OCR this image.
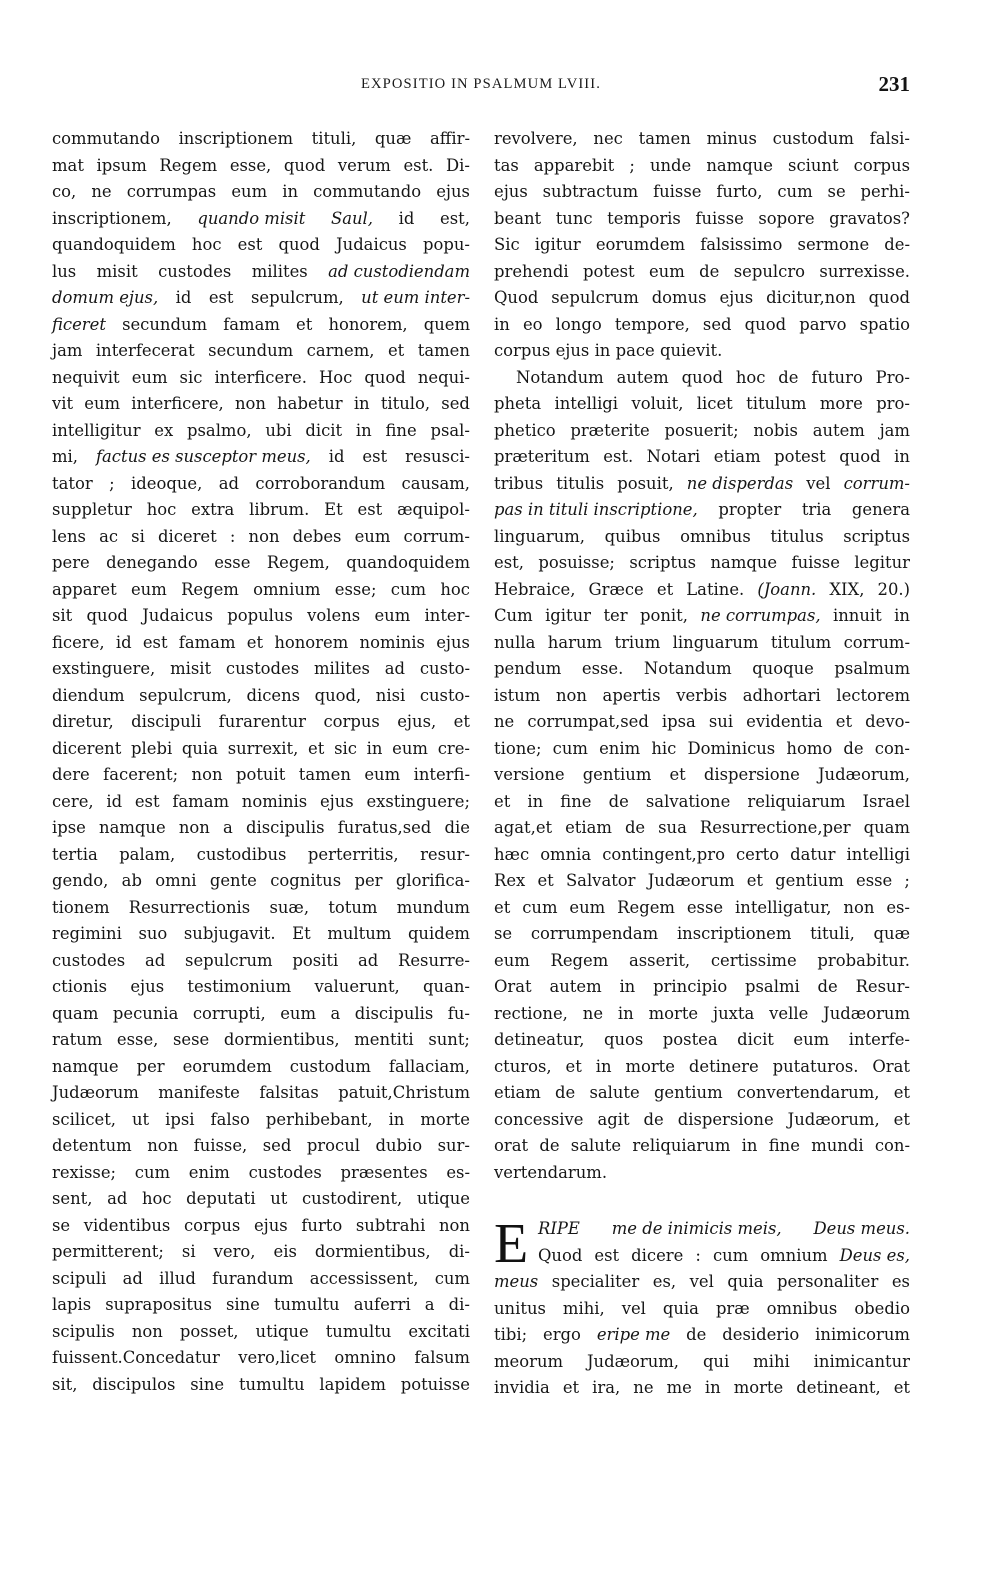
EXPOSITIO IN PSALMUM LVIII.	231
commutando inscriptionem tituli, quæ affir-
mat ipsum Regem esse, quod verum est. Di-
co, ne corrumpas eum in commutando ejus
inscriptionem, quando misit Saul, id est,
quandoquidem hoc est quod Judaicus popu-
lus misit custodes milites ad custodiendam
domum ejus, id est sepulcrum, ut eum inter-
ficeret secundum famam et honorem, quem
jam interfecerat secundum carnem, et tamen
nequivit eum sic interficere. Hoc quod nequi-
vit eum interficere, non habetur in titulo, sed
intelligitur ex psalmo, ubi dicit in fine psal-
mi, factus es susceptor meus, id est resusci-
tator ; ideoque, ad corroborandum causam,
suppletur hoc extra librum. Et est æquipol-
lens ac si diceret : non debes eum corrum-
pere denegando esse Regem, quandoquidem
apparet eum Regem omnium esse; cum hoc
sit quod Judaicus populus volens eum inter-
ficere, id est famam et honorem nominis ejus
exstinguere, misit custodes milites ad custo-
diendum sepulcrum, dicens quod, nisi custo-
diretur, discipuli furarentur corpus ejus, et
dicerent plebi quia surrexit, et sic in eum cre-
dere facerent; non potuit tamen eum interfi-
cere, id est famam nominis ejus exstinguere;
ipse namque non a discipulis furatus,sed die
tertia palam, custodibus perterritis, resur-
gendo, ab omni gente cognitus per glorifica-
tionem Resurrectionis suæ, totum mundum
regimini suo subjugavit. Et multum quidem
custodes ad sepulcrum positi ad Resurre-
ctionis ejus testimonium valuerunt, quan-
quam pecunia corrupti, eum a discipulis fu-
ratum esse, sese dormientibus, mentiti sunt;
namque per eorumdem custodum fallaciam,
Judæorum manifeste falsitas patuit,Christum
scilicet, ut ipsi falso perhibebant, in morte
detentum non fuisse, sed procul dubio sur-
rexisse; cum enim custodes præsentes es-
sent, ad hoc deputati ut custodirent, utique
se videntibus corpus ejus furto subtrahi non
permitterent; si vero, eis dormientibus, di-
scipuli ad illud furandum accessissent, cum
lapis suprapositus sine tumultu auferri a di-
scipulis non posset, utique tumultu excitati
fuissent.Concedatur vero,licet omnino falsum
sit, discipulos sine tumultu lapidem potuisse
revolvere, nec tamen minus custodum falsi-
tas apparebit ; unde namque sciunt corpus
ejus subtractum fuisse furto, cum se perhi-
beant tunc temporis fuisse sopore gravatos?
Sic igitur eorumdem falsissimo sermone de-
prehendi potest eum de sepulcro surrexisse.
Quod sepulcrum domus ejus dicitur,non quod
in eo longo tempore, sed quod parvo spatio
corpus ejus in pace quievit.
Notandum autem quod hoc de futuro Pro-
pheta intelligi voluit, licet titulum more pro-
phetico præterite posuerit; nobis autem jam
præteritum est. Notari etiam potest quod in
tribus titulis posuit, ne disperdas vel corrum-
pas in tituli inscriptione, propter tria genera
linguarum, quibus omnibus titulus scriptus
est, posuisse; scriptus namque fuisse legitur
Hebraice, Græce et Latine. (Joann. XIX, 20.)
Cum igitur ter ponit, ne corrumpas, innuit in
nulla harum trium linguarum titulum corrum-
pendum esse. Notandum quoque psalmum
istum non apertis verbis adhortari lectorem
ne corrumpat,sed ipsa sui evidentia et devo-
tione; cum enim hic Dominicus homo de con-
versione gentium et dispersione Judæorum,
et in fine de salvatione reliquiarum Israel
agat,et etiam de sua Resurrectione,per quam
hæc omnia contingent,pro certo datur intelligi
Rex et Salvator Judæorum et gentium esse ;
et cum eum Regem esse intelligatur, non es-
se corrumpendam inscriptionem tituli, quæ
eum Regem asserit, certissime probabitur.
Orat autem in principio psalmi de Resur-
rectione, ne in morte juxta velle Judæorum
detineatur, quos postea dicit eum interfe-
cturos, et in morte detinere putaturos. Orat
etiam de salute gentium convertendarum, et
concessive agit de dispersione Judæorum, et
orat de salute reliquiarum in fine mundi con-
vertendarum.
E RIPE me de inimicis meis, Deus meus.
Quod est dicere : cum omnium Deus es,
meus specialiter es, vel quia personaliter es
unitus mihi, vel quia præ omnibus obedio
tibi; ergo eripe me de desiderio inimicorum
meorum Judæorum, qui mihi inimicantur
invidia et ira, ne me in morte detineant, et
